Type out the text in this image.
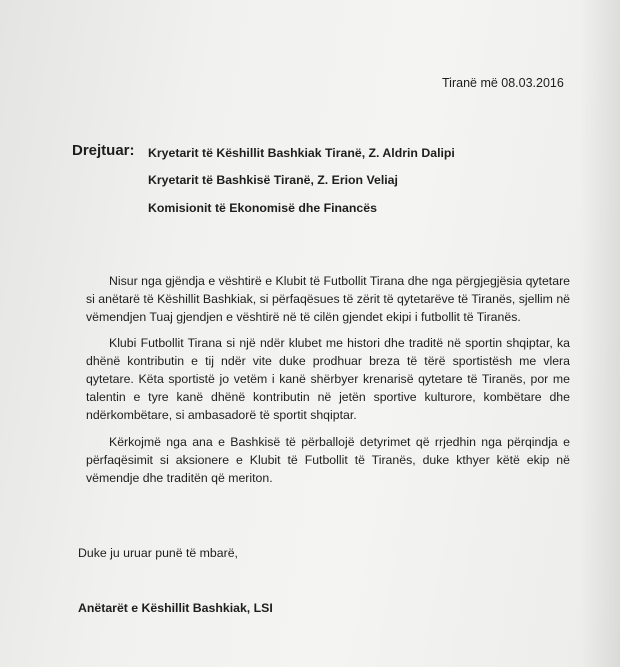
Tiranë më 08.03.2016
Drejtuar: Kryetarit të Këshillit Bashkiak Tiranë, Z. Aldrin Dalipi
Kryetarit të Bashkisë Tiranë, Z. Erion Veliaj
Komisionit të Ekonomisë dhe Financës

Nisur nga gjëndja e vështirë e Klubit të Futbollit Tirana dhe nga përgjegjësia qytetare si anëtarë të Këshillit Bashkiak, si përfaqësues të zërit të qytetarëve të Tiranës, sjellim në vëmendjen Tuaj gjendjen e vështirë në të cilën gjendet ekipi i futbollit të Tiranës.

Klubi Futbollit Tirana si një ndër klubet me histori dhe traditë në sportin shqiptar, ka dhënë kontributin e tij ndër vite duke prodhuar breza të tërë sportistësh me vlera qytetare. Këta sportistë jo vetëm i kanë shërbyer krenarisë qytetare të Tiranës, por me talentin e tyre kanë dhënë kontributin në jetën sportive kulturore, kombëtare dhe ndërkombëtare, si ambasadorë të sportit shqiptar.

Kërkojmë nga ana e Bashkisë të përballojë detyrimet që rrjedhin nga përqindja e përfaqësimit si aksionere e Klubit të Futbollit të Tiranës, duke kthyer këtë ekip në vëmendje dhe traditën që meriton.

Duke ju uruar punë të mbarë,
Anëtarët e Këshillit Bashkiak, LSI
